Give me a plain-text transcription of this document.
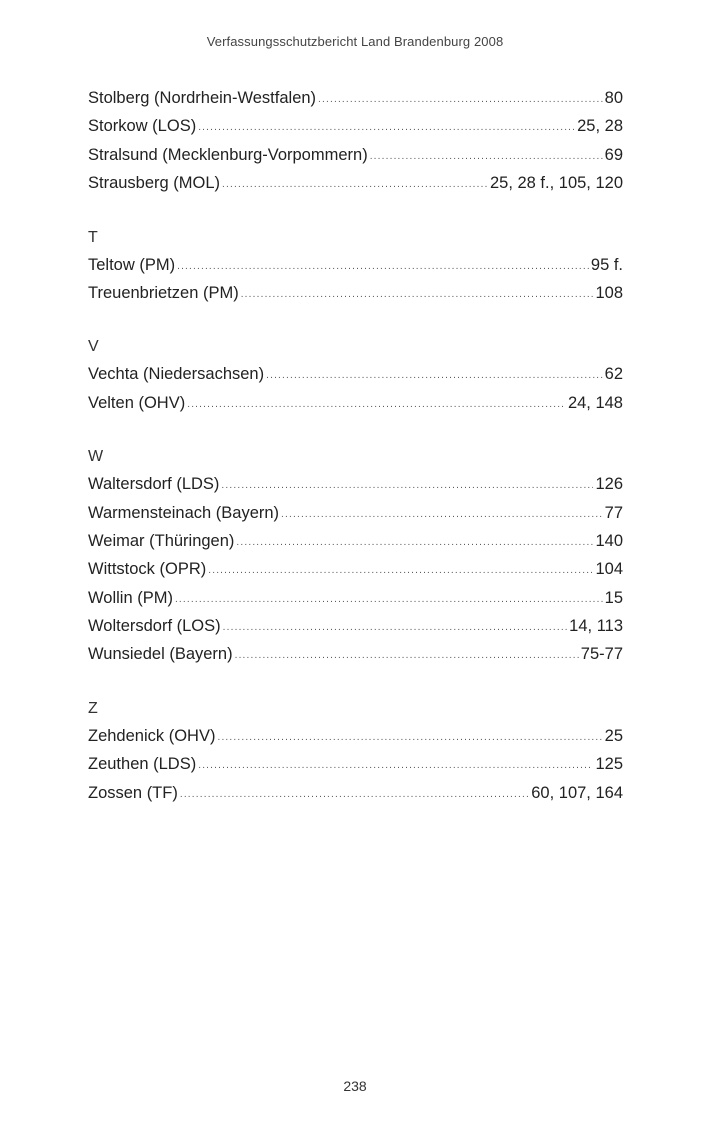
Verfassungsschutzbericht Land Brandenburg 2008
Stolberg (Nordrhein-Westfalen) .....	80
Storkow (LOS) .....	25, 28
Stralsund (Mecklenburg-Vorpommern) .....	69
Strausberg (MOL) .....	25, 28 f., 105, 120
T
Teltow (PM) .....	95 f.
Treuenbrietzen (PM) .....	108
V
Vechta (Niedersachsen) .....	62
Velten (OHV) .....	24, 148
W
Waltersdorf (LDS) .....	126
Warmensteinach (Bayern) .....	77
Weimar (Thüringen) .....	140
Wittstock (OPR) .....	104
Wollin (PM) .....	15
Woltersdorf (LOS) .....	14, 113
Wunsiedel (Bayern) .....	75-77
Z
Zehdenick (OHV) .....	25
Zeuthen (LDS) .....	125
Zossen (TF) .....	60, 107, 164
238
